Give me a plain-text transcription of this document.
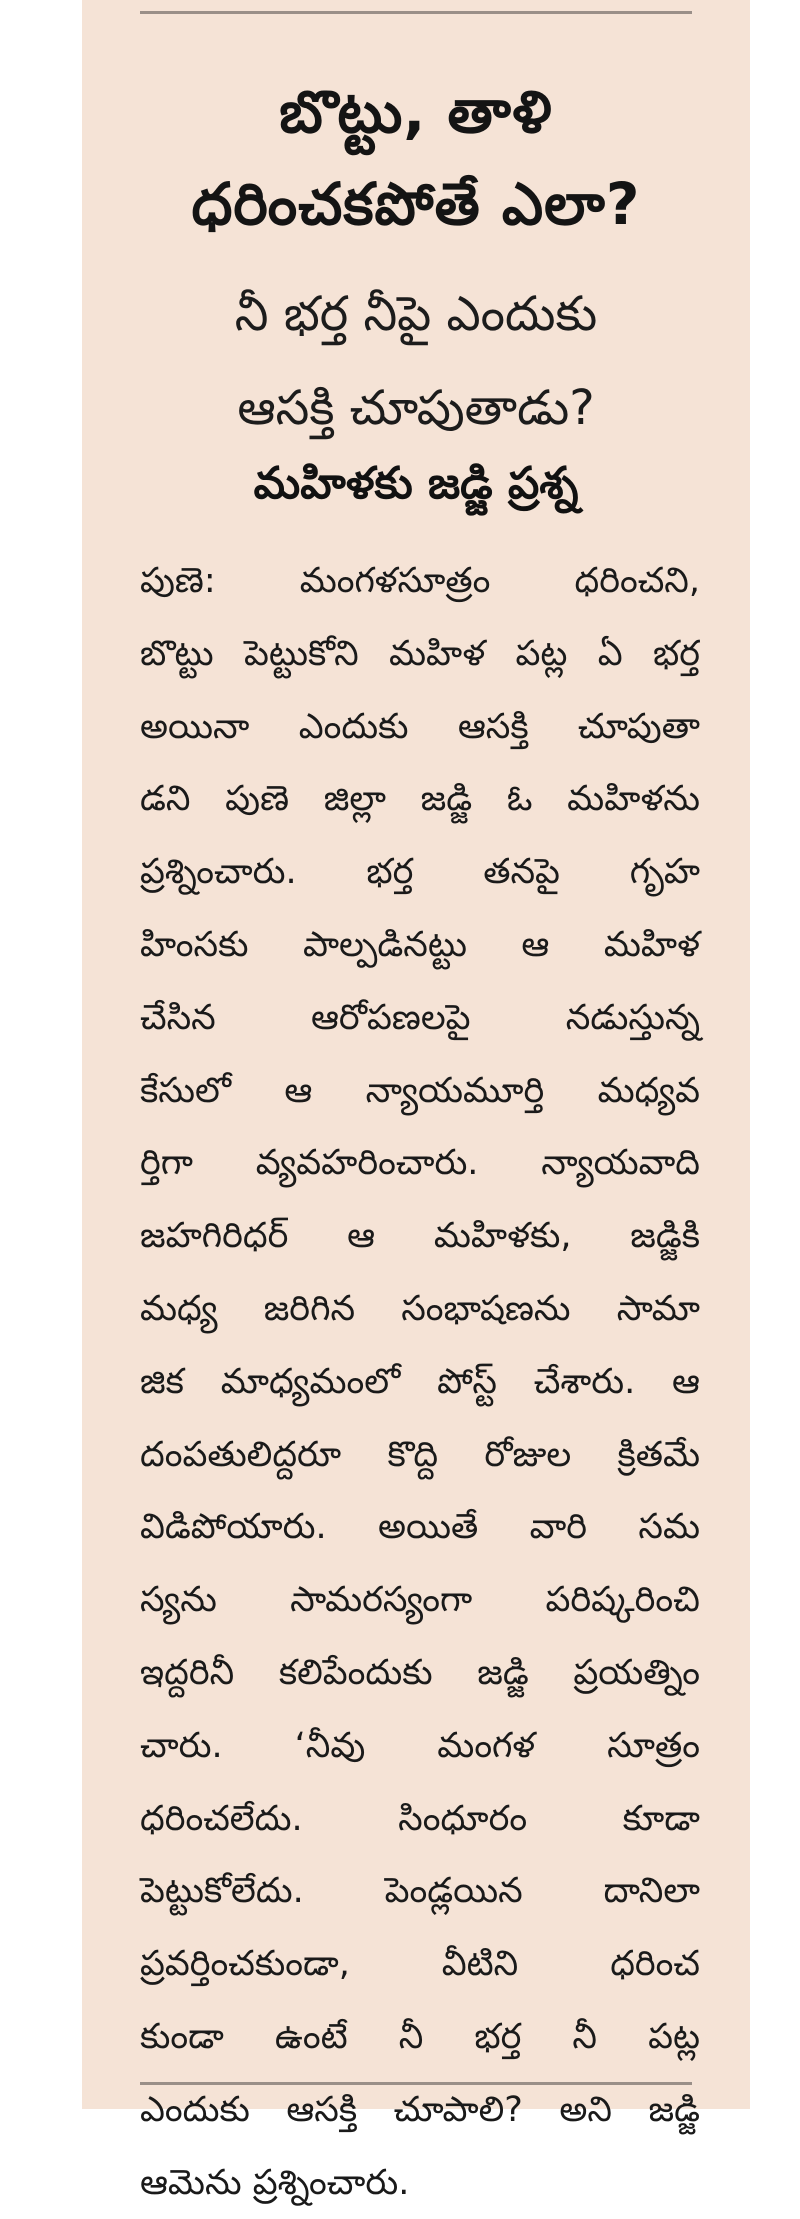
బొట్టు, తాళి
ధరించకపోతే ఎలా?
నీ భర్త నీపై ఎందుకు
ఆసక్తి చూపుతాడు?
మహిళకు జడ్జి ప్రశ్న
పుణె: మంగళసూత్రం ధరించని,
బొట్టు పెట్టుకోని మహిళ పట్ల ఏ భర్త
అయినా ఎందుకు ఆసక్తి చూపుతా
డని పుణె జిల్లా జడ్జి ఓ మహిళను
ప్రశ్నించారు. భర్త తనపై గృహ
హింసకు పాల్పడినట్టు ఆ మహిళ
చేసిన ఆరోపణలపై నడుస్తున్న
కేసులో ఆ న్యాయమూర్తి మధ్యవ
ర్తిగా వ్యవహరించారు. న్యాయవాది
జహగిరిధర్ ఆ మహిళకు, జడ్జికి
మధ్య జరిగిన సంభాషణను సామా
జిక మాధ్యమంలో పోస్ట్ చేశారు. ఆ
దంపతులిద్దరూ కొద్ది రోజుల క్రితమే
విడిపోయారు. అయితే వారి సమ
స్యను సామరస్యంగా పరిష్కరించి
ఇద్దరినీ కలిపేందుకు జడ్జి ప్రయత్నిం
చారు. ‘నీవు మంగళ సూత్రం
ధరించలేదు. సింధూరం కూడా
పెట్టుకోలేదు. పెండ్లయిన దానిలా
ప్రవర్తించకుండా, వీటిని ధరించ
కుండా ఉంటే నీ భర్త నీ పట్ల
ఎందుకు ఆసక్తి చూపాలి? అని జడ్జి
ఆమెను ప్రశ్నించారు.
